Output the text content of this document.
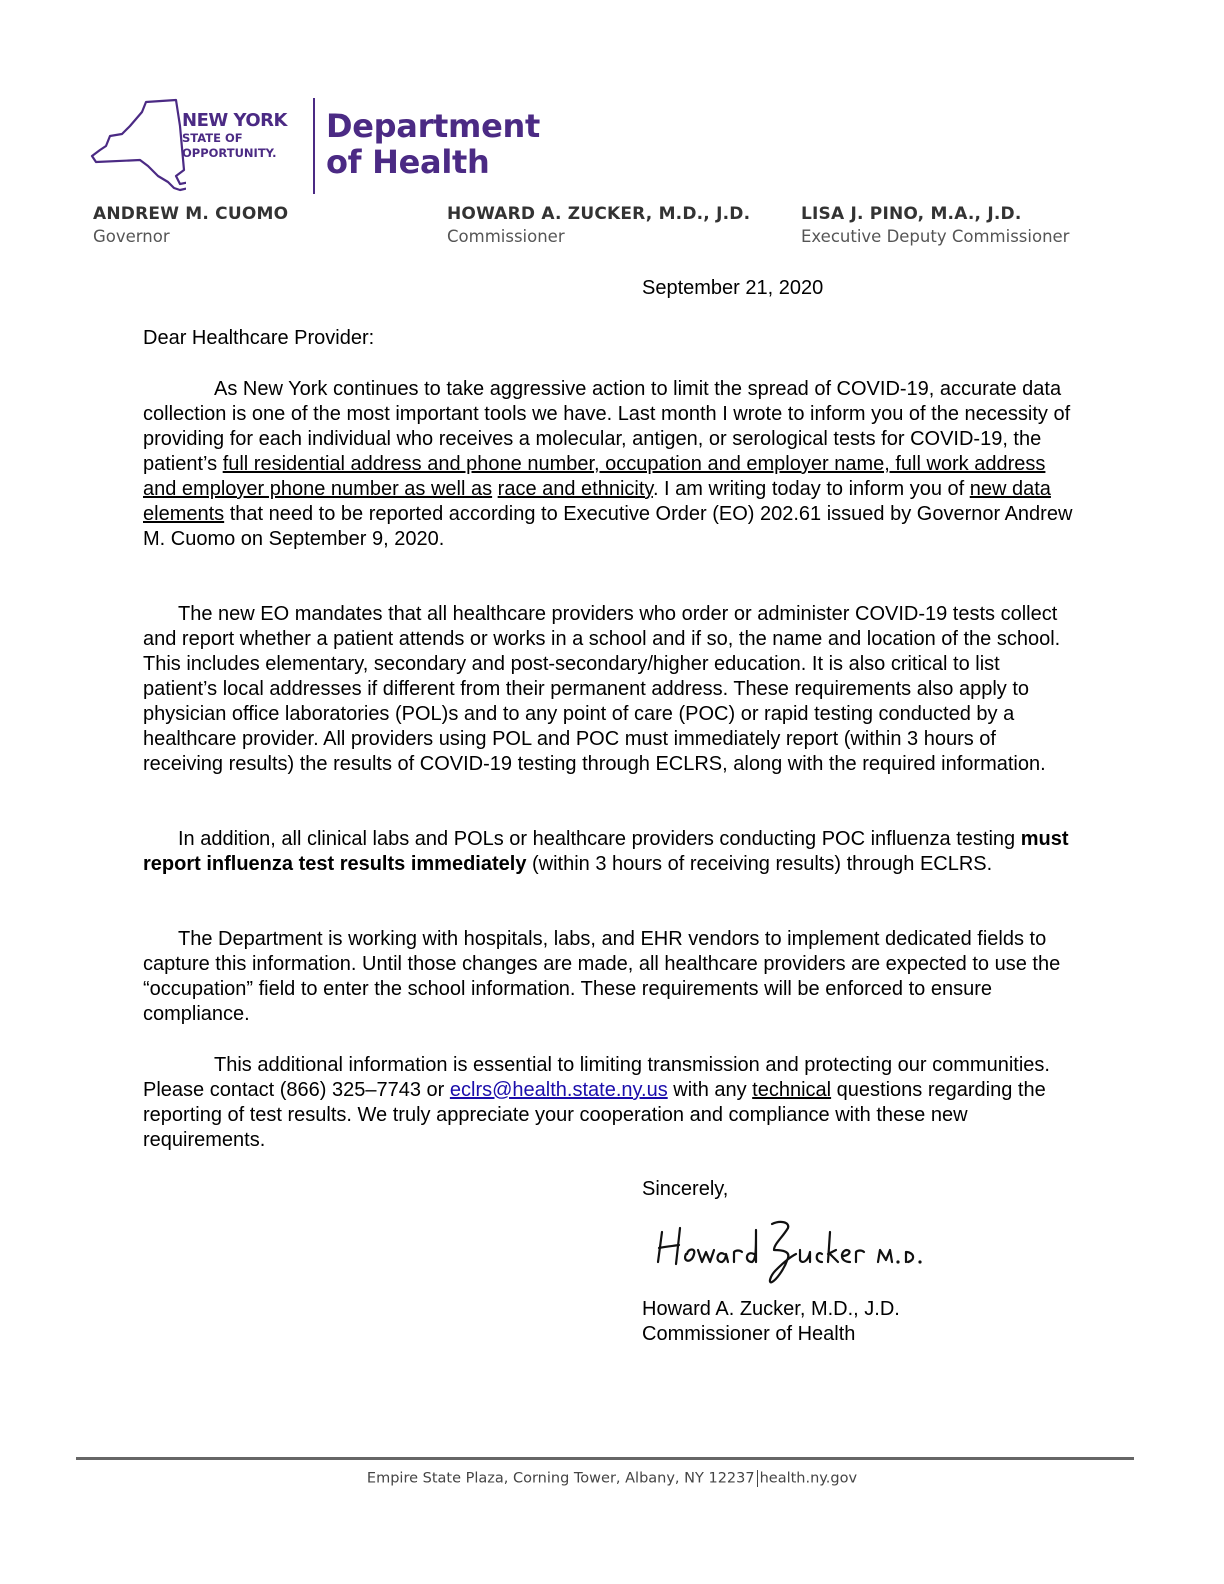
NEW YORK
STATE OF
OPPORTUNITY.
Department
of Health
ANDREW M. CUOMO
Governor
HOWARD A. ZUCKER, M.D., J.D.
Commissioner
LISA J. PINO, M.A., J.D.
Executive Deputy Commissioner
September 21, 2020
Dear Healthcare Provider:

As New York continues to take aggressive action to limit the spread of COVID-19, accurate data collection is one of the most important tools we have. Last month I wrote to inform you of the necessity of providing for each individual who receives a molecular, antigen, or serological tests for COVID-19, the patient’s full residential address and phone number, occupation and employer name, full work address and employer phone number as well as race and ethnicity. I am writing today to inform you of new data elements that need to be reported according to Executive Order (EO) 202.61 issued by Governor Andrew M. Cuomo on September 9, 2020.

The new EO mandates that all healthcare providers who order or administer COVID-19 tests collect and report whether a patient attends or works in a school and if so, the name and location of the school. This includes elementary, secondary and post-secondary/higher education. It is also critical to list patient’s local addresses if different from their permanent address. These requirements also apply to physician office laboratories (POL)s and to any point of care (POC) or rapid testing conducted by a healthcare provider. All providers using POL and POC must immediately report (within 3 hours of receiving results) the results of COVID-19 testing through ECLRS, along with the required information.

In addition, all clinical labs and POLs or healthcare providers conducting POC influenza testing must report influenza test results immediately (within 3 hours of receiving results) through ECLRS.

The Department is working with hospitals, labs, and EHR vendors to implement dedicated fields to capture this information. Until those changes are made, all healthcare providers are expected to use the “occupation” field to enter the school information. These requirements will be enforced to ensure compliance.

This additional information is essential to limiting transmission and protecting our communities. Please contact (866) 325–7743 or eclrs@health.state.ny.us with any technical questions regarding the reporting of test results. We truly appreciate your cooperation and compliance with these new requirements.

Sincerely,
Howard A. Zucker, M.D., J.D.
Commissioner of Health
Empire State Plaza, Corning Tower, Albany, NY 12237 health.ny.gov
